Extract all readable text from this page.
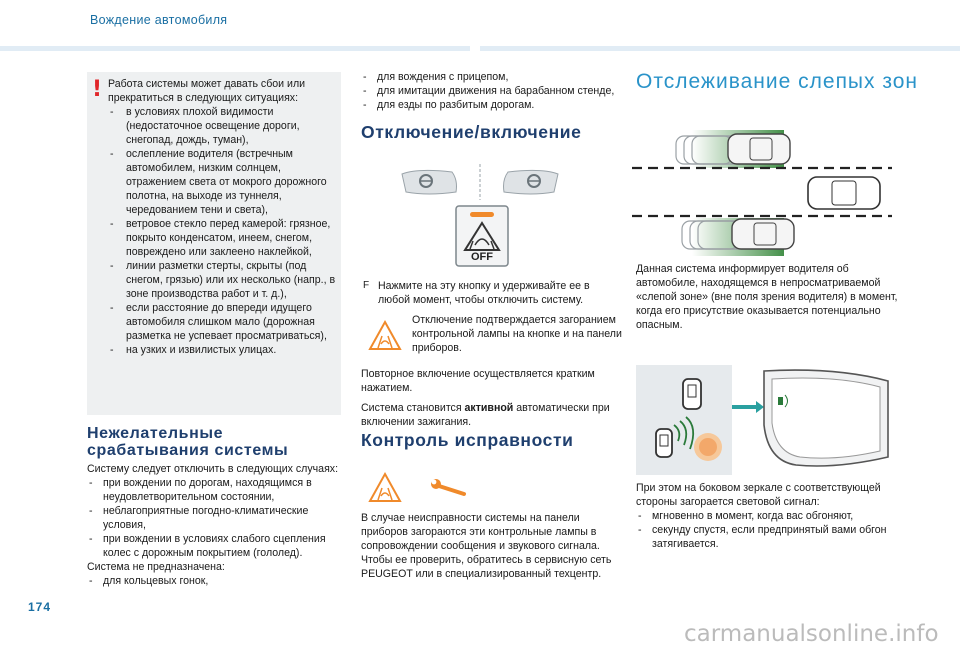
Вождение автомобиля
! Работа системы может давать сбои или прекратиться в следующих ситуациях:
- в условиях плохой видимости (недостаточное освещение дороги, снегопад, дождь, туман),
- ослепление водителя (встречным автомобилем, низким солнцем, отражением света от мокрого дорожного полотна, на выходе из туннеля, чередованием тени и света),
- ветровое стекло перед камерой: грязное, покрыто конденсатом, инеем, снегом, повреждено или заклеено наклейкой,
- линии разметки стерты, скрыты (под снегом, грязью) или их несколько (напр., в зоне производства работ и т. д.),
- если расстояние до впереди идущего автомобиля слишком мало (дорожная разметка не успевает просматриваться),
- на узких и извилистых улицах.
Нежелательные срабатывания системы
Систему следует отключить в следующих случаях:
- при вождении по дорогам, находящимся в неудовлетворительном состоянии,
- неблагоприятные погодно-климатические условия,
- при вождении в условиях слабого сцепления колес с дорожным покрытием (гололед).
Система не предназначена:
- для кольцевых гонок,
- для вождения с прицепом,
- для имитации движения на барабанном стенде,
- для езды по разбитым дорогам.
Отключение/включение
OFF
F Нажмите на эту кнопку и удерживайте ее в любой момент, чтобы отключить систему.
Отключение подтверждается загоранием контрольной лампы на кнопке и на панели приборов.
Повторное включение осуществляется кратким нажатием.
Система становится активной автоматически при включении зажигания.
Контроль исправности
В случае неисправности системы на панели приборов загораются эти контрольные лампы в сопровождении сообщения и звукового сигнала. Чтобы ее проверить, обратитесь в сервисную сеть PEUGEOT или в специализированный техцентр.
Отслеживание слепых зон
Данная система информирует водителя об автомобиле, находящемся в непросматриваемой «слепой зоне» (вне поля зрения водителя) в момент, когда его присутствие оказывается потенциально опасным.
При этом на боковом зеркале с соответствующей стороны загорается световой сигнал:
- мгновенно в момент, когда вас обгоняют,
- секунду спустя, если предпринятый вами обгон затягивается.
174
carmanualsonline.info
